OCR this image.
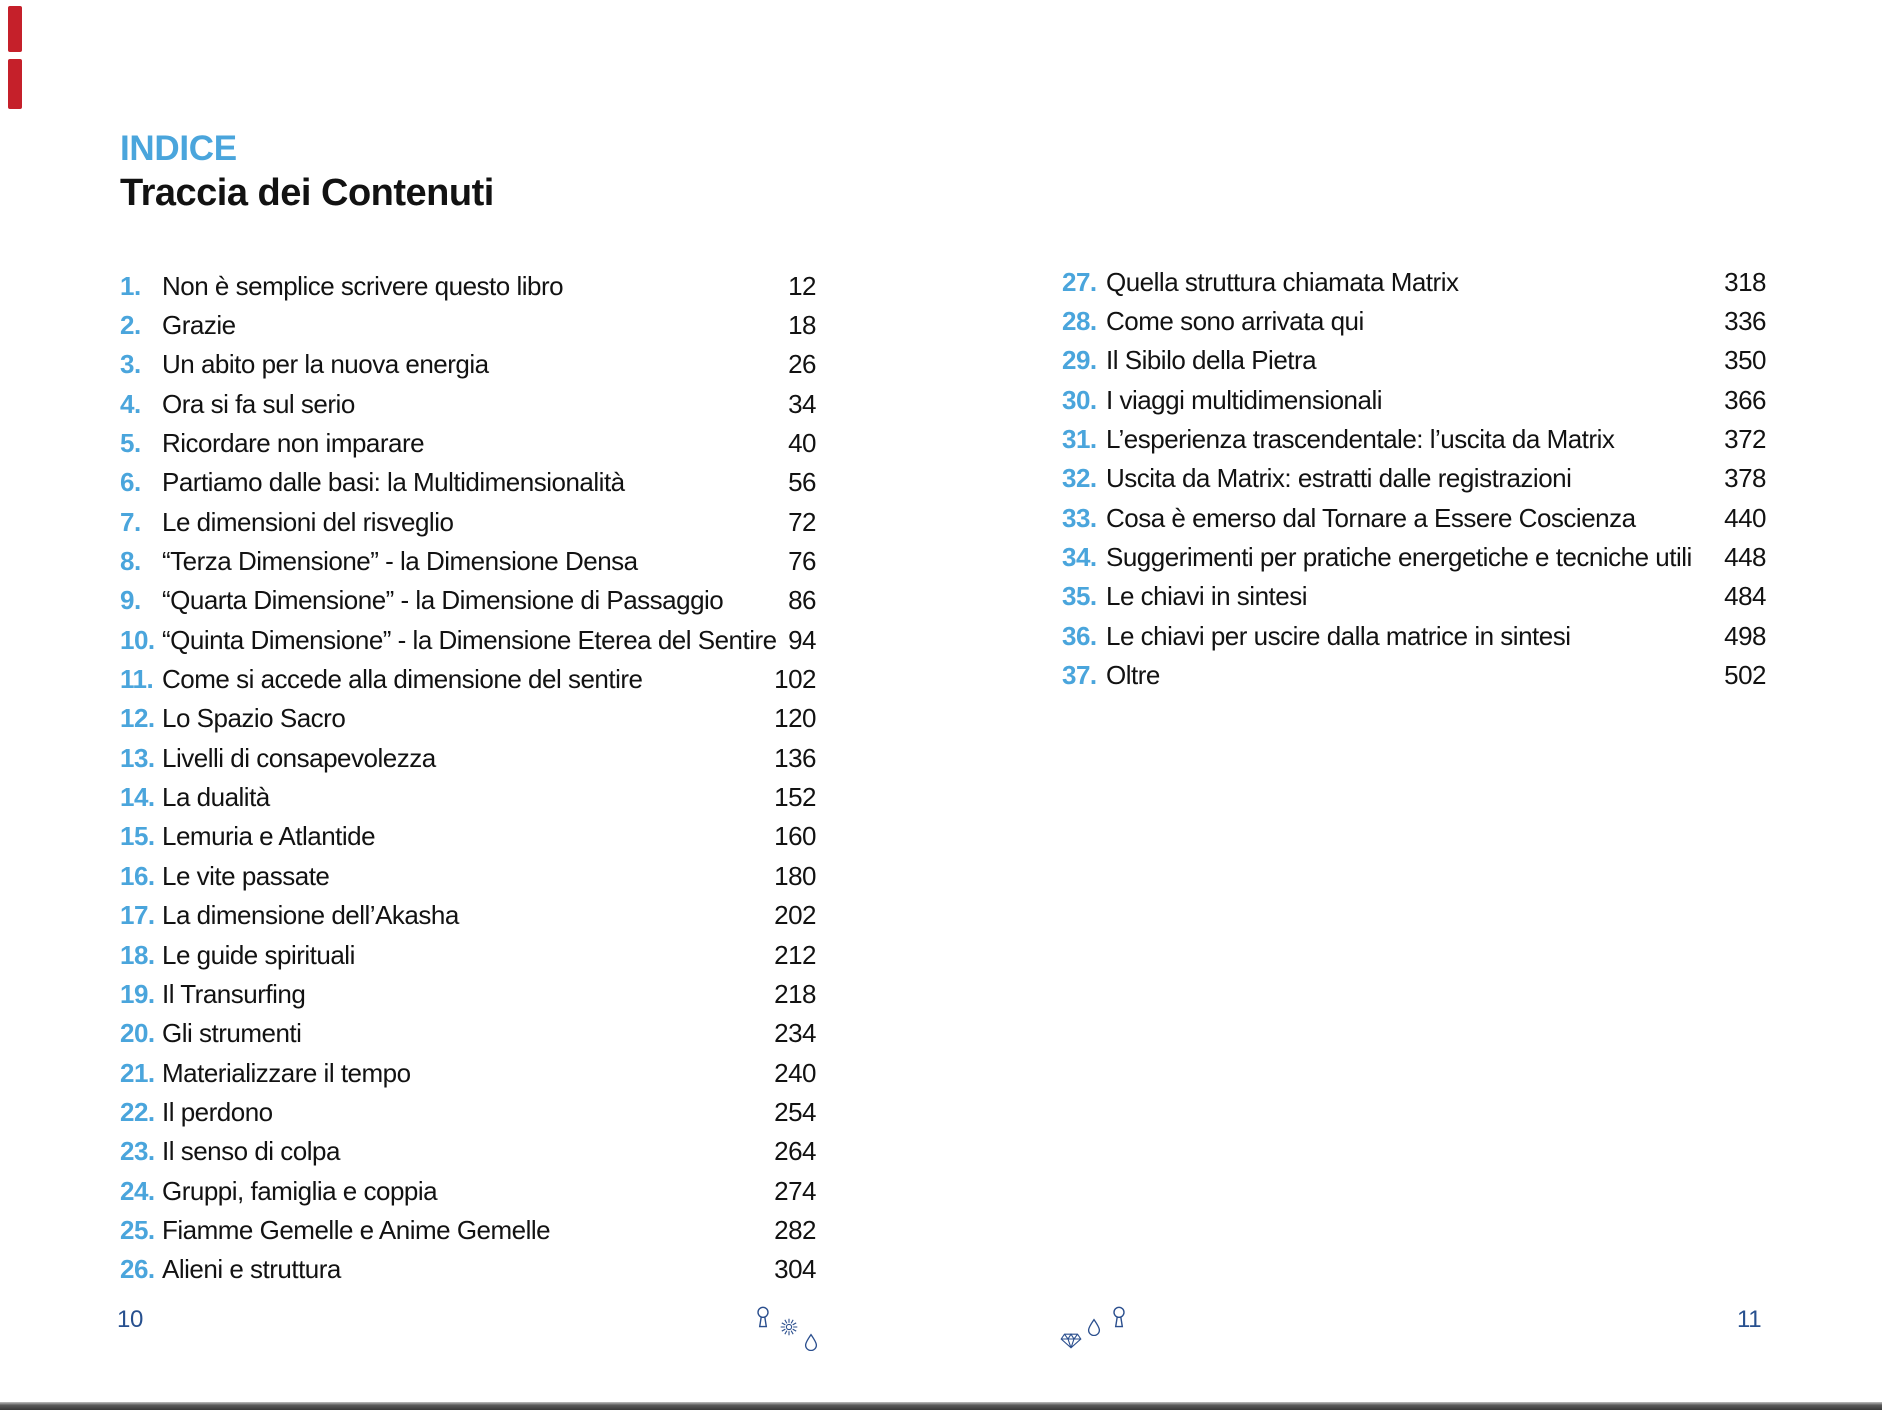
INDICE
Traccia dei Contenuti
1. Non è semplice scrivere questo libro	12
2. Grazie	18
3. Un abito per la nuova energia	26
4. Ora si fa sul serio	34
5. Ricordare non imparare	40
6. Partiamo dalle basi: la Multidimensionalità	56
7. Le dimensioni del risveglio	72
8. “Terza Dimensione” - la Dimensione Densa	76
9. “Quarta Dimensione” - la Dimensione di Passaggio	86
10. “Quinta Dimensione” - la Dimensione Eterea del Sentire 94
11. Come si accede alla dimensione del sentire	102
12. Lo Spazio Sacro	120
13. Livelli di consapevolezza	136
14. La dualità	152
15. Lemuria e Atlantide	160
16. Le vite passate	180
17. La dimensione dell’Akasha	202
18. Le guide spirituali	212
19. Il Transurfing	218
20. Gli strumenti	234
21. Materializzare il tempo	240
22. Il perdono	254
23. Il senso di colpa	264
24. Gruppi, famiglia e coppia	274
25. Fiamme Gemelle e Anime Gemelle	282
26. Alieni e struttura	304
27. Quella struttura chiamata Matrix	318
28. Come sono arrivata qui	336
29. Il Sibilo della Pietra	350
30. I viaggi multidimensionali	366
31. L’esperienza trascendentale: l’uscita da Matrix	372
32. Uscita da Matrix: estratti dalle registrazioni	378
33. Cosa è emerso dal Tornare a Essere Coscienza	440
34. Suggerimenti per pratiche energetiche e tecniche utili	448
35. Le chiavi in sintesi	484
36. Le chiavi per uscire dalla matrice in sintesi	498
37. Oltre	502
10	11
